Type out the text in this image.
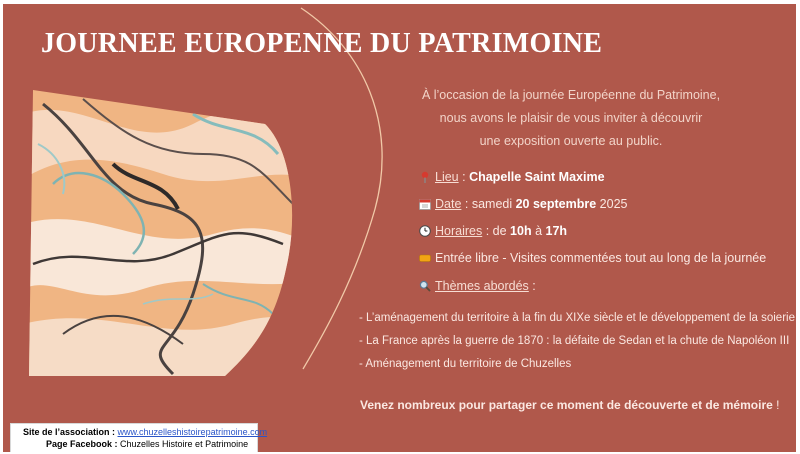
JOURNEE EUROPENNE DU PATRIMOINE
À l’occasion de la journée Européenne du Patrimoine,
nous avons le plaisir de vous inviter à découvrir
une exposition ouverte au public.
Lieu : Chapelle Saint Maxime
Date : samedi 20 septembre 2025
Horaires : de 10h à 17h
Entrée libre - Visites commentées tout au long de la journée
Thèmes abordés :
- L’aménagement du territoire à la fin du XIXe siècle et le développement de la soierie
- La France après la guerre de 1870 : la défaite de Sedan et la chute de Napoléon III
- Aménagement du territoire de Chuzelles
Venez nombreux pour partager ce moment de découverte et de mémoire !
Site de l’association : www.chuzelleshistoirepatrimoine.com
Page Facebook : Chuzelles Histoire et Patrimoine
